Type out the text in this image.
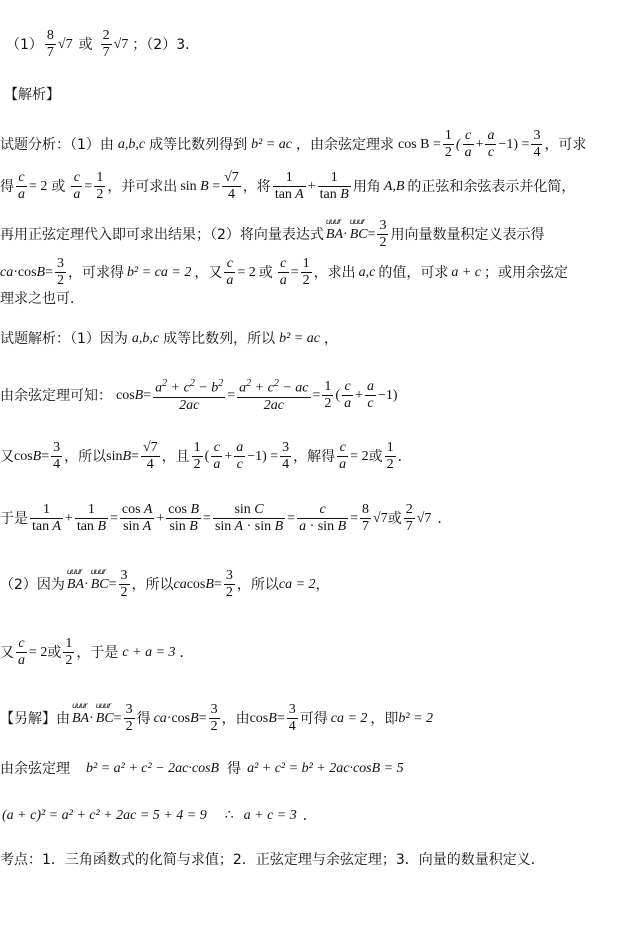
$(1) \frac{8}{7} √7$ 或 $\frac{2}{7} √7$ ；（2）3．
【解析】
试题分析：（1）由 a,b,c 成等比数列得到 b² = ac ，由余弦定理求 $\cos B = \frac{1}{2}$ ( $\frac{c}{a} + \frac{a}{c} -1) = \frac{3}{4}$ ，可求
得 $\frac{c}{a} = 2$ 或 $\frac{c}{a} = \frac{1}{2}$ ，并可求出 $\sin B = \frac{√7}{4}$ ，将 $\frac{1}{\text{tan A}} + \frac{1}{\text{tan B}}$ 用角 A,B 的正弦和余弦表示并化简，
再用正弦定理代入即可求出结果；（2）将向量表达式 uuur BA · uuur BC = $\frac{3}{2}$ 用向量数量积定义表示得
ca ·cos $B = \frac{3}{2}$ ，可求得 b² = ca = 2 ，又 $\frac{c}{a} = 2$ 或 $\frac{c}{a} = \frac{1}{2}$ ，求出 a,c 的值，可求 a + c ；或用余弦定
理求之也可．
试题解析：（1）因为 a,b,c 成等比数列，所以 b² = ac ，
由余弦定理可知： $\cos B = \frac{a^2 + c^2 - b^2}{2ac} = \frac{a^2 + c^2 - ac}{2ac} = \frac{1}{2}$ ( $\frac{c}{a} + \frac{a}{c} -1$)
又 $\cos B = \frac{3}{4}$ ，所以 $\sin B = \frac{√7}{4}$ ，且 $\frac{1}{2}$ ( $\frac{c}{a} + \frac{a}{c} -1) = \frac{3}{4}$ ，解得 $\frac{c}{a} = 2$ 或 $\frac{1}{2}$ ．
于是 $\frac{1}{\text{tan A}} + \frac{1}{\text{tan B}} = \frac{\text{cos A}}{\text{sin A}} + \frac{\text{cos B}}{\text{sin B}} = \frac{\text{sin C}}{\text{sin A · sin B}} = \frac{c}{\text{a · sin B}} = \frac{8}{7} √7$ 或 $\frac{2}{7} √7$ ．
（2）因为 uuur BA · uuur BC = $\frac{3}{2}$ ，所以 ca $\cos B = \frac{3}{2}$ ，所以 ca = 2 ，
又 $\frac{c}{a} = 2$ 或 $\frac{1}{2}$ ，于是 c + a = 3 ．
【另解】由 uuur BA · uuur BC = $\frac{3}{2}$ 得 ca ·cos $B = \frac{3}{2}$ ，由 $\cos B = \frac{3}{4}$ 可得 ca = 2 ，即 b² = 2
由余弦定理 b² = a² + c² − 2ac·cosB 得 a² + c² = b² + 2ac·cosB = 5
(a + c)² = a² + c² + 2ac = 5 + 4 = 9 ∴ a + c = 3 ．
考点：1．三角函数式的化简与求值；2．正弦定理与余弦定理；3．向量的数量积定义．
